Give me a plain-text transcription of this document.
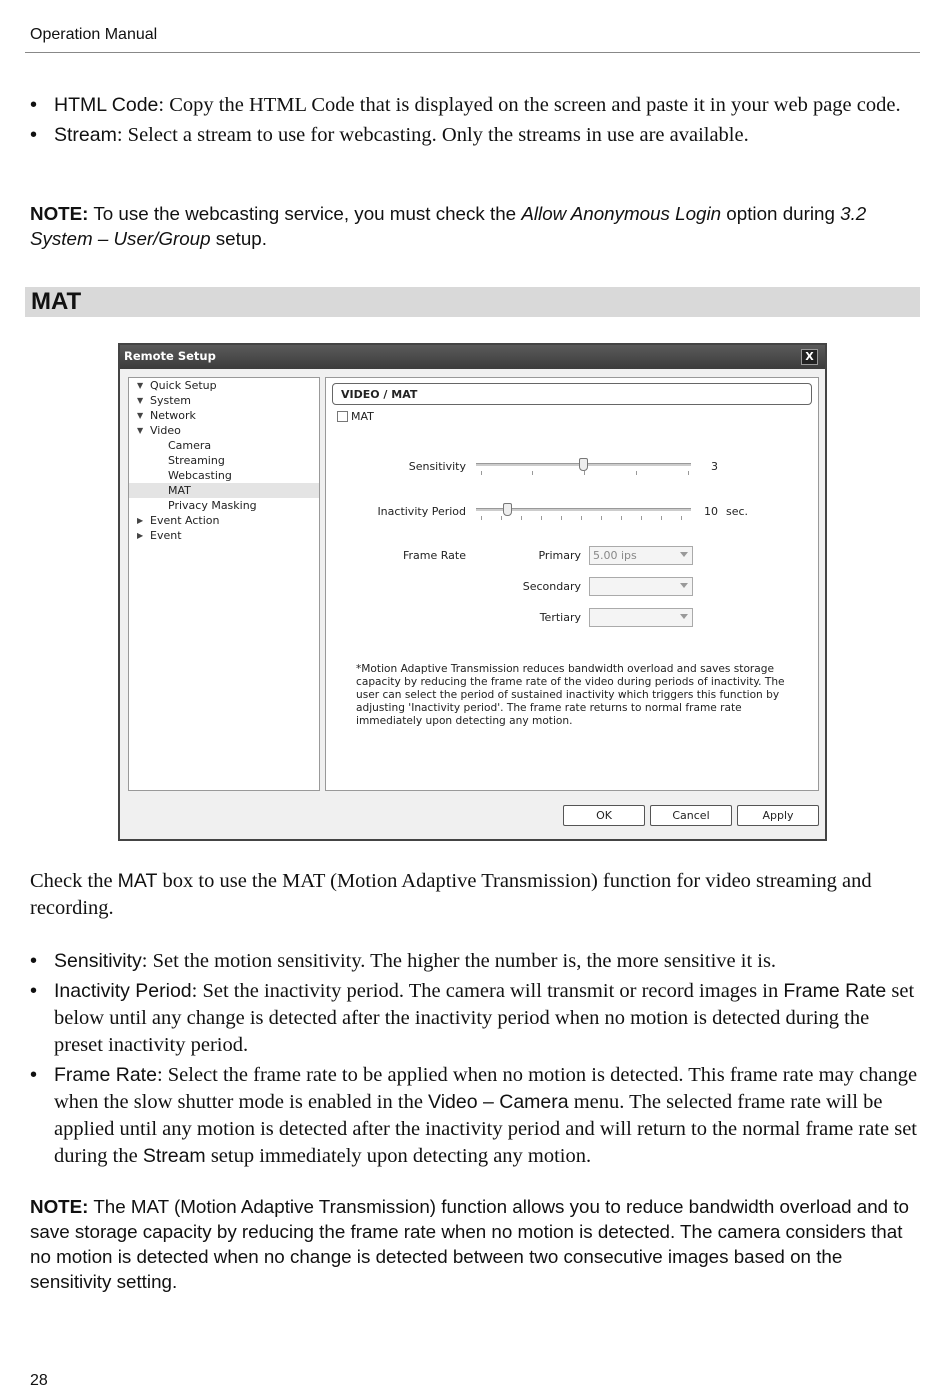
Operation Manual
• HTML Code: Copy the HTML Code that is displayed on the screen and paste it in your web page code.
• Stream: Select a stream to use for webcasting. Only the streams in use are available.
NOTE: To use the webcasting service, you must check the Allow Anonymous Login option during 3.2 System – User/Group setup.
MAT
Remote Setup	X
▼ Quick Setup
▼ System
▼ Network
▼ Video
Camera
Streaming
Webcasting
MAT
Privacy Masking
▶ Event Action
▶ Event
VIDEO / MAT
MAT
Sensitivity	3
Inactivity Period	10 sec.
Frame Rate	Primary 5.00 ips
Secondary
Tertiary
*Motion Adaptive Transmission reduces bandwidth overload and saves storage capacity by reducing the frame rate of the video during periods of inactivity. The user can select the period of sustained inactivity which triggers this function by adjusting 'Inactivity period'. The frame rate returns to normal frame rate immediately upon detecting any motion.
OK	Cancel	Apply
Check the MAT box to use the MAT (Motion Adaptive Transmission) function for video streaming and recording.
• Sensitivity: Set the motion sensitivity. The higher the number is, the more sensitive it is.
• Inactivity Period: Set the inactivity period. The camera will transmit or record images in Frame Rate set below until any change is detected after the inactivity period when no motion is detected during the preset inactivity period.
• Frame Rate: Select the frame rate to be applied when no motion is detected. This frame rate may change when the slow shutter mode is enabled in the Video – Camera menu. The selected frame rate will be applied until any motion is detected after the inactivity period and will return to the normal frame rate set during the Stream setup immediately upon detecting any motion.
NOTE: The MAT (Motion Adaptive Transmission) function allows you to reduce bandwidth overload and to save storage capacity by reducing the frame rate when no motion is detected. The camera considers that no motion is detected when no change is detected between two consecutive images based on the sensitivity setting.
28
